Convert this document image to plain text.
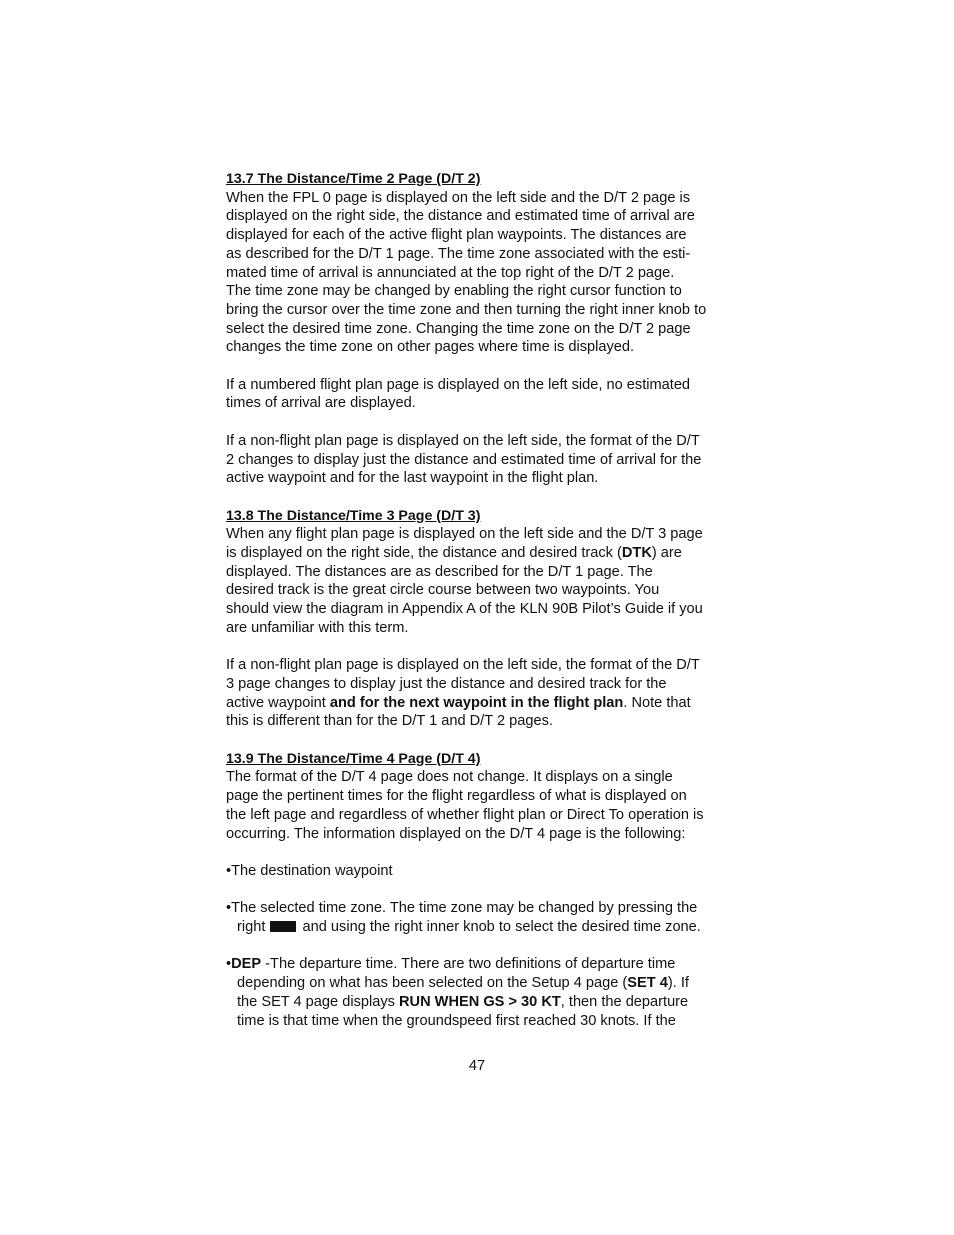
13.7 The Distance/Time 2 Page (D/T 2)
When the FPL 0 page is displayed on the left side and the D/T 2 page is
displayed on the right side, the distance and estimated time of arrival are
displayed for each of the active flight plan waypoints. The distances are
as described for the D/T 1 page. The time zone associated with the esti-
mated time of arrival is annunciated at the top right of the D/T 2 page.
The time zone may be changed by enabling the right cursor function to
bring the cursor over the time zone and then turning the right inner knob to
select the desired time zone. Changing the time zone on the D/T 2 page
changes the time zone on other pages where time is displayed.
If a numbered flight plan page is displayed on the left side, no estimated
times of arrival are displayed.
If a non-flight plan page is displayed on the left side, the format of the D/T
2 changes to display just the distance and estimated time of arrival for the
active waypoint and for the last waypoint in the flight plan.
13.8 The Distance/Time 3 Page (D/T 3)
When any flight plan page is displayed on the left side and the D/T 3 page
is displayed on the right side, the distance and desired track (DTK) are
displayed. The distances are as described for the D/T 1 page. The
desired track is the great circle course between two waypoints. You
should view the diagram in Appendix A of the KLN 90B Pilot’s Guide if you
are unfamiliar with this term.
If a non-flight plan page is displayed on the left side, the format of the D/T
3 page changes to display just the distance and desired track for the
active waypoint and for the next waypoint in the flight plan. Note that
this is different than for the D/T 1 and D/T 2 pages.
13.9 The Distance/Time 4 Page (D/T 4)
The format of the D/T 4 page does not change. It displays on a single
page the pertinent times for the flight regardless of what is displayed on
the left page and regardless of whether flight plan or Direct To operation is
occurring. The information displayed on the D/T 4 page is the following:
•The destination waypoint
•The selected time zone. The time zone may be changed by pressing the
right	and using the right inner knob to select the desired time zone.
•DEP -The departure time. There are two definitions of departure time
depending on what has been selected on the Setup 4 page (SET 4). If
the SET 4 page displays RUN WHEN GS > 30 KT, then the departure
time is that time when the groundspeed first reached 30 knots. If the
47
